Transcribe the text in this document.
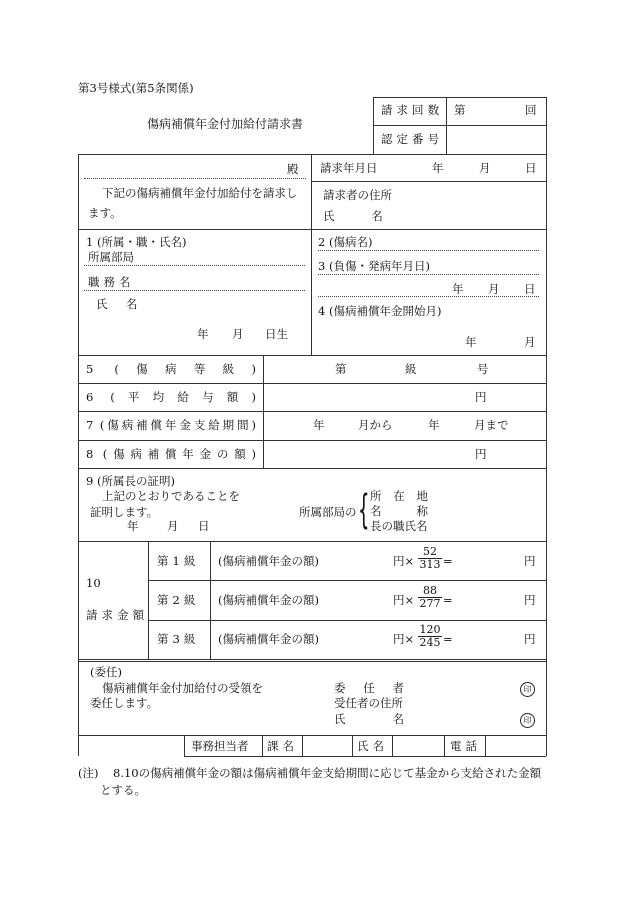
第3号様式(第5条関係)
傷病補償年金付加給付請求書
請求回数 第	回
認定番号
殿
下記の傷病補償年金付加給付を請求します。
請求年月日	年	月	日
請求者の住所
氏名
1 (所属・職・氏名)
所属部局
職務名
氏名
年 月 日生
2 (傷病名)
3 (負傷・発病年月日)
年 月 日
4 (傷病補償年金開始月)
年	月
5 (傷病等級)	第	級	号
6 (平均給与額)	円
7 (傷病補償年金支給期間)	年	月から	年	月まで
8 (傷病補償年金の額)	円
9 (所属長の証明)
上記のとおりであることを
証明します。
年 月 日
所属部局の { 所在地
名称
長の職氏名
10
請求金額
第1級 (傷病補償年金の額)	円× $\frac{52}{313}$ =	円
第2級 (傷病補償年金の額)	円× $\frac{88}{277}$ =	円
第3級 (傷病補償年金の額)	円× $\frac{120}{245}$ =	円
(委任)
傷病補償年金付加給付の受領を
委任します。
委任者
受任者の住所
氏名
印
印
事務担当者 課名	氏名	電話
(注) 8.10の傷病補償年金の額は傷病補償年金支給期間に応じて基金から支給された金額
とする。
